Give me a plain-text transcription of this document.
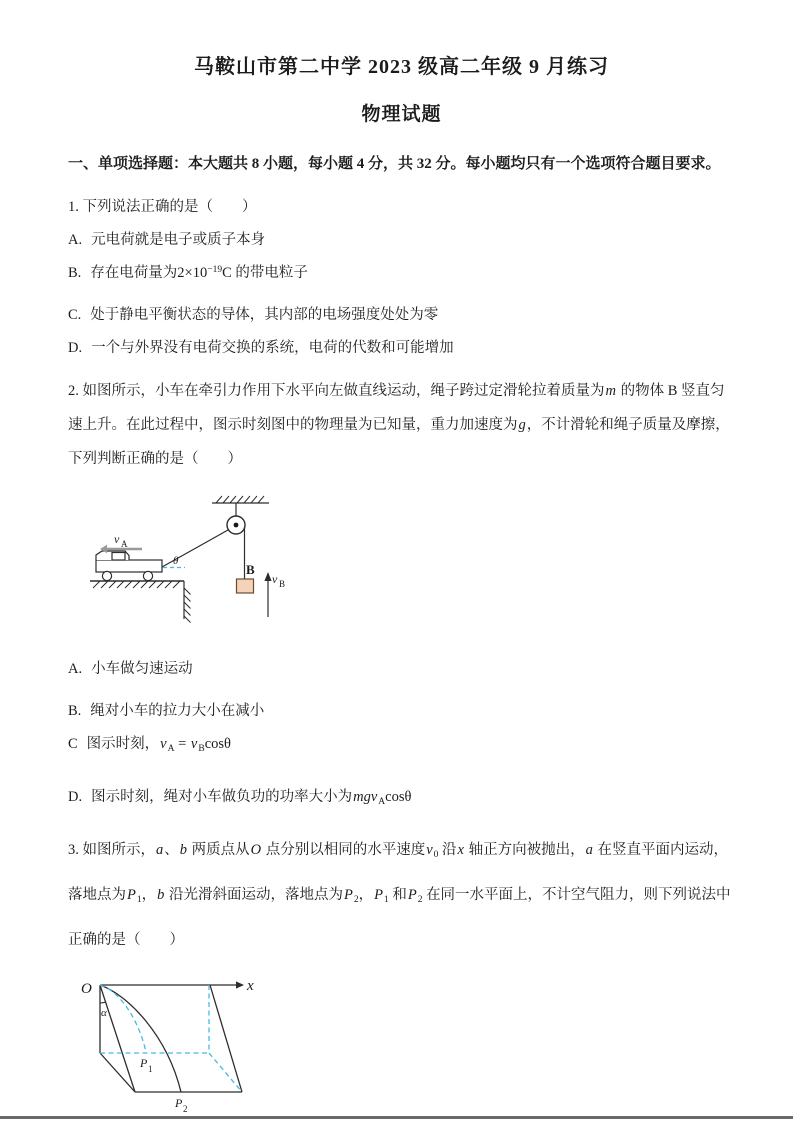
马鞍山市第二中学 2023 级高二年级 9 月练习
物理试题

一、单项选择题：本大题共 8 小题，每小题 4 分，共 32 分。每小题均只有一个选项符合题目要求。

1. 下列说法正确的是（　　）

A. 元电荷就是电子或质子本身

B. 存在电荷量为$2\times 10^{-19}C$ 的带电粒子

C. 处于静电平衡状态的导体，其内部的电场强度处处为零

D. 一个与外界没有电荷交换的系统，电荷的代数和可能增加

2. 如图所示，小车在牵引力作用下水平向左做直线运动，绳子跨过定滑轮拉着质量为m 的物体 B 竖直匀速上升。在此过程中，图示时刻图中的物理量为已知量，重力加速度为g，不计滑轮和绳子质量及摩擦，下列判断正确的是（　　）

v A
B
v B
θ

A. 小车做匀速运动

B. 绳对小车的拉力大小在减小

C 图示时刻，$v_A = v_B\cos\theta$

D. 图示时刻，绳对小车做负功的功率大小为mgv$_A$cosθ

3. 如图所示，a、b 两质点从O 点分别以相同的水平速度$v_0$ 沿x 轴正方向被抛出，a 在竖直平面内运动，落地点为$P_1$，b 沿光滑斜面运动，落地点为$P_2$，$P_1$ 和$P_2$ 在同一水平面上，不计空气阻力，则下列说法中正确的是（　　）

O	x
α
P 1
P 2
